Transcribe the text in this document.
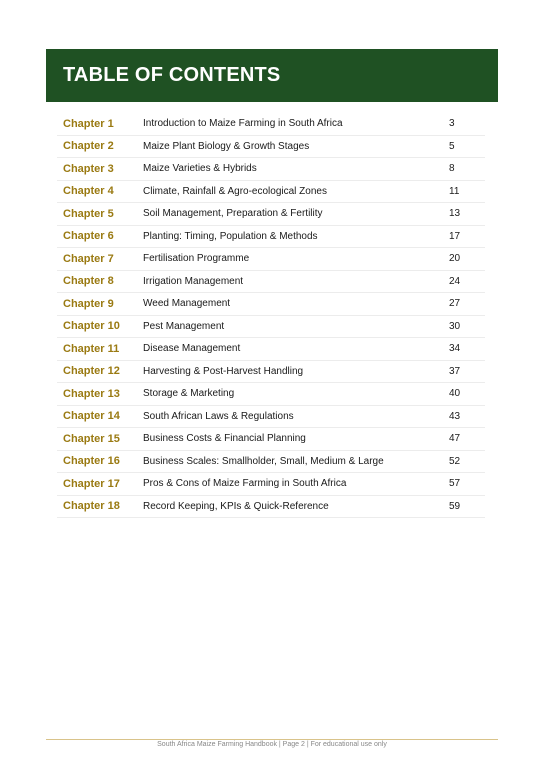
TABLE OF CONTENTS
Chapter 1	Introduction to Maize Farming in South Africa	3
Chapter 2	Maize Plant Biology & Growth Stages	5
Chapter 3	Maize Varieties & Hybrids	8
Chapter 4	Climate, Rainfall & Agro-ecological Zones	11
Chapter 5	Soil Management, Preparation & Fertility	13
Chapter 6	Planting: Timing, Population & Methods	17
Chapter 7	Fertilisation Programme	20
Chapter 8	Irrigation Management	24
Chapter 9	Weed Management	27
Chapter 10	Pest Management	30
Chapter 11	Disease Management	34
Chapter 12	Harvesting & Post-Harvest Handling	37
Chapter 13	Storage & Marketing	40
Chapter 14	South African Laws & Regulations	43
Chapter 15	Business Costs & Financial Planning	47
Chapter 16	Business Scales: Smallholder, Small, Medium & Large	52
Chapter 17	Pros & Cons of Maize Farming in South Africa	57
Chapter 18	Record Keeping, KPIs & Quick-Reference	59
South Africa Maize Farming Handbook | Page 2 | For educational use only
